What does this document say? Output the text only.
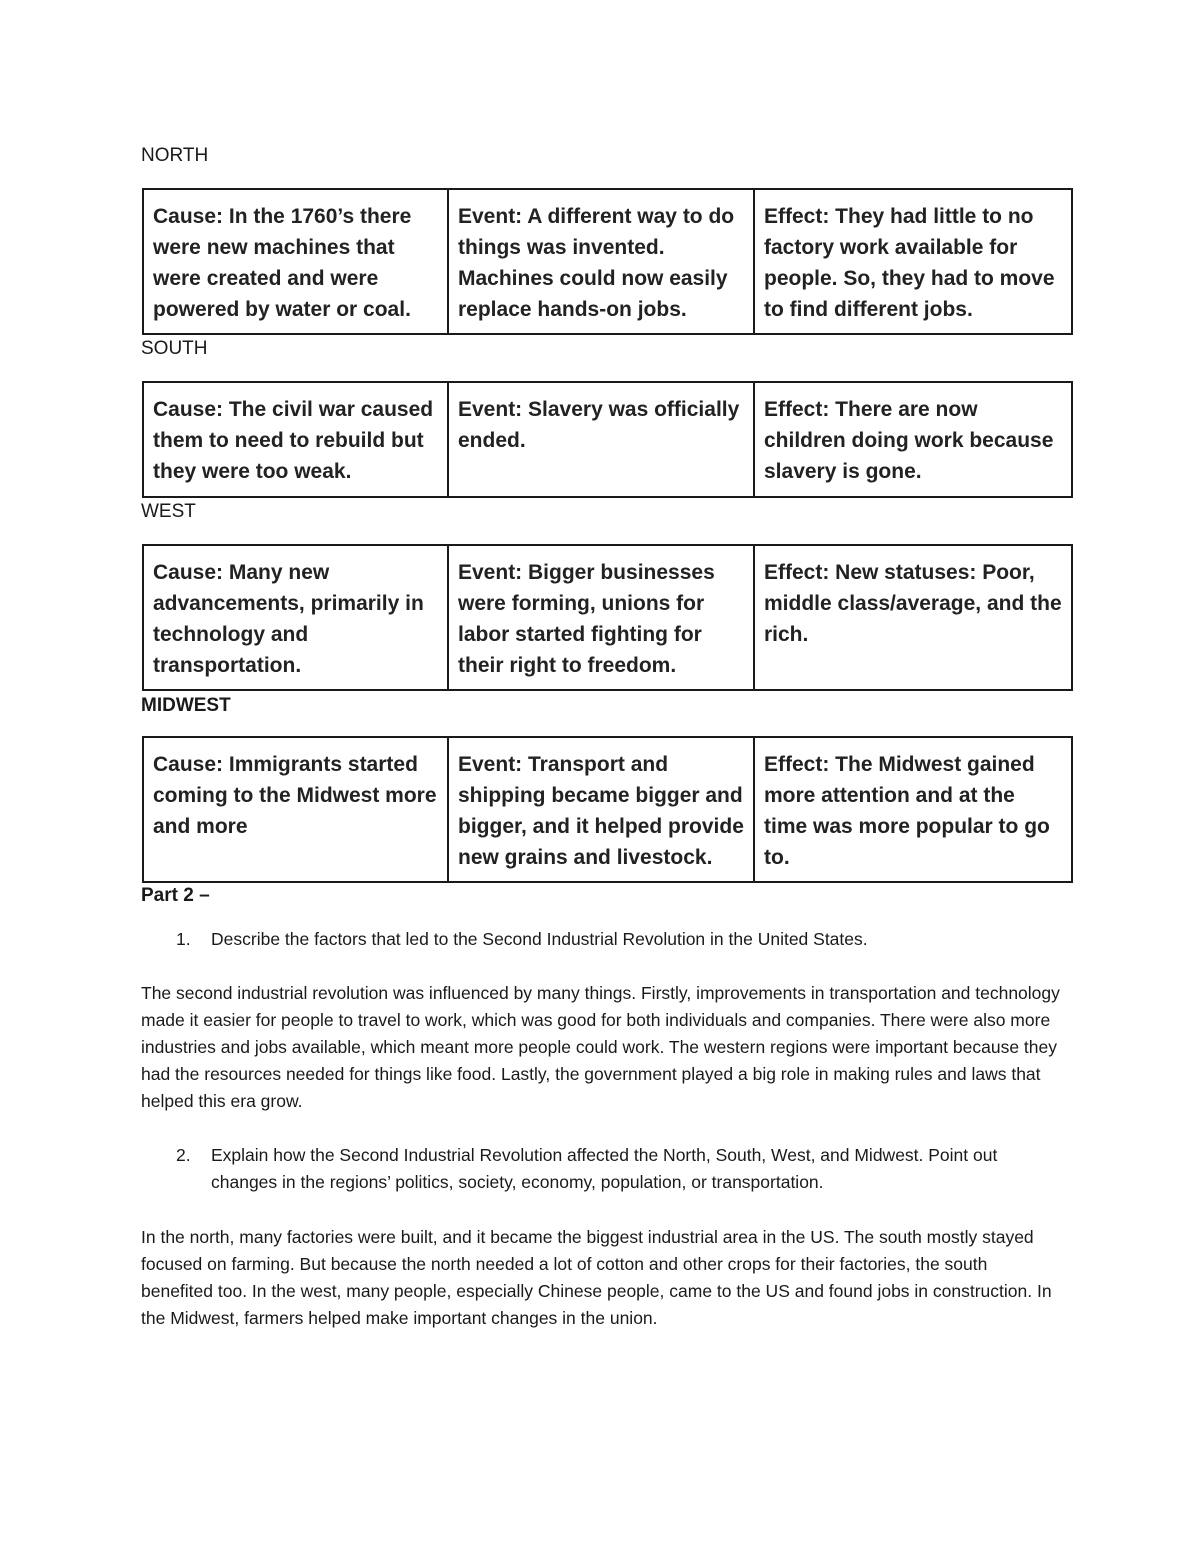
NORTH

Cause: In the 1760’s there were new machines that were created and were powered by water or coal.	Event: A different way to do things was invented. Machines could now easily replace hands-on jobs.	Effect: They had little to no factory work available for people. So, they had to move to find different jobs.

SOUTH

Cause: The civil war caused them to need to rebuild but they were too weak.	Event: Slavery was officially ended.	Effect: There are now children doing work because slavery is gone.

WEST

Cause: Many new advancements, primarily in technology and transportation.	Event: Bigger businesses were forming, unions for labor started fighting for their right to freedom.	Effect: New statuses: Poor, middle class/average, and the rich.

MIDWEST

Cause: Immigrants started coming to the Midwest more and more	Event: Transport and shipping became bigger and bigger, and it helped provide new grains and livestock.	Effect: The Midwest gained more attention and at the time was more popular to go to.

Part 2 –

1. Describe the factors that led to the Second Industrial Revolution in the United States.

The second industrial revolution was influenced by many things. Firstly, improvements in transportation and technology made it easier for people to travel to work, which was good for both individuals and companies. There were also more industries and jobs available, which meant more people could work. The western regions were important because they had the resources needed for things like food. Lastly, the government played a big role in making rules and laws that helped this era grow.

2. Explain how the Second Industrial Revolution affected the North, South, West, and Midwest. Point out changes in the regions’ politics, society, economy, population, or transportation.

In the north, many factories were built, and it became the biggest industrial area in the US. The south mostly stayed focused on farming. But because the north needed a lot of cotton and other crops for their factories, the south benefited too. In the west, many people, especially Chinese people, came to the US and found jobs in construction. In the Midwest, farmers helped make important changes in the union.
